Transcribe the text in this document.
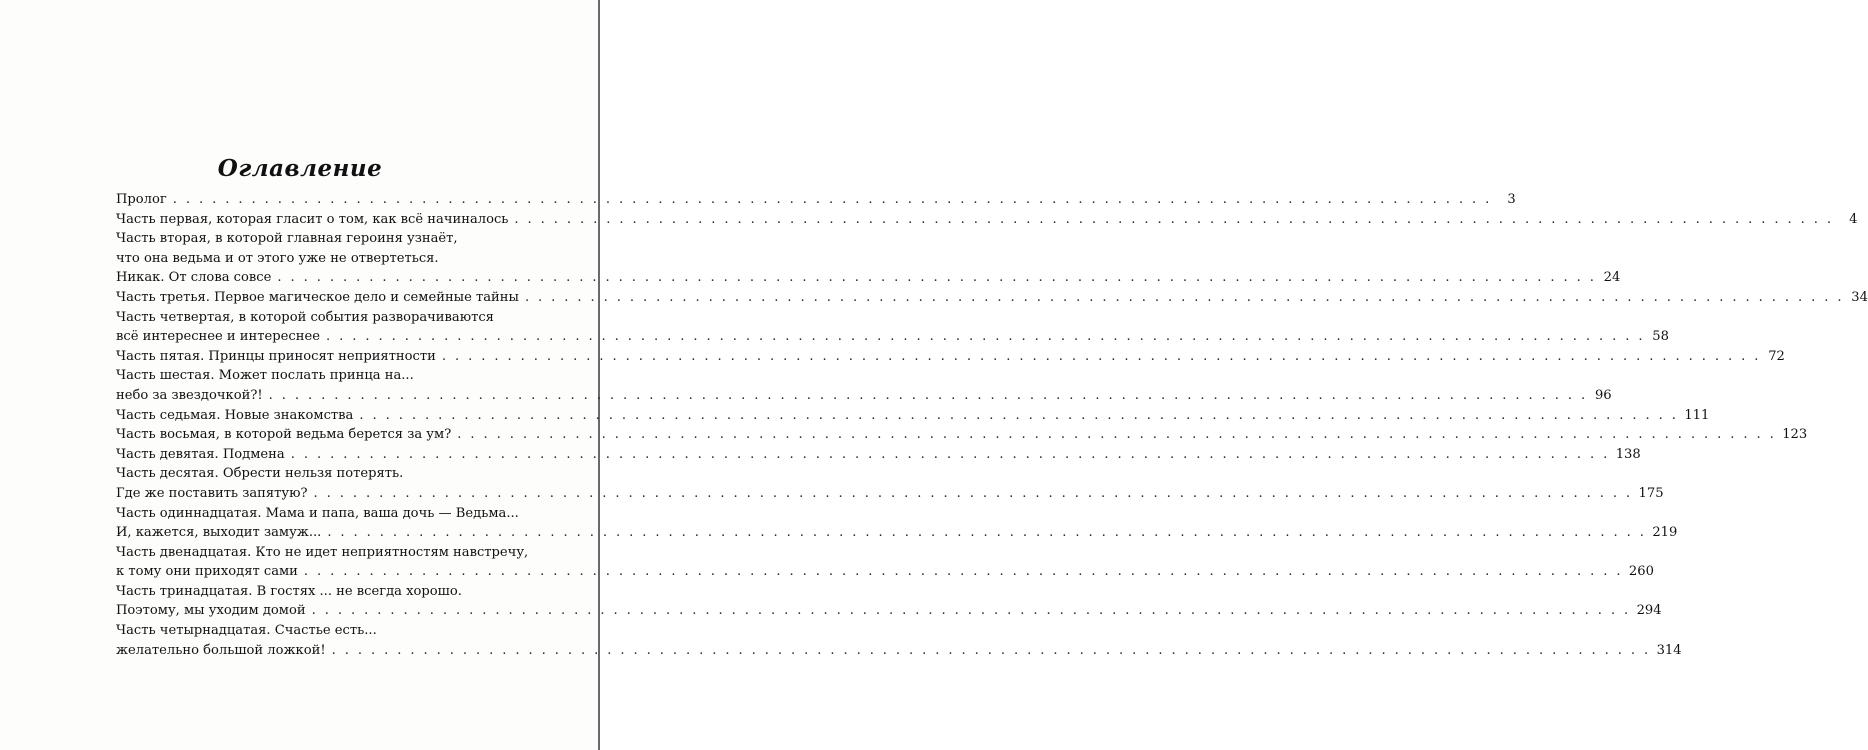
Оглавление
Пролог . . .	3
Часть первая, которая гласит о том, как всё начиналось . . .	4
Часть вторая, в которой главная героиня узнаёт,
что она ведьма и от этого уже не отвертеться.
Никак. От слова совсе . . .	24
Часть третья. Первое магическое дело и семейные тайны . . .	34
Часть четвертая, в которой события разворачиваются
всё интереснее и интереснее . . .	58
Часть пятая. Принцы приносят неприятности . . .	72
Часть шестая. Может послать принца на...
небо за звездочкой?! . . .	96
Часть седьмая. Новые знакомства . . .	111
Часть восьмая, в которой ведьма берется за ум? . . .	123
Часть девятая. Подмена . . .	138
Часть десятая. Обрести нельзя потерять.
Где же поставить запятую? . . .	175
Часть одиннадцатая. Мама и папа, ваша дочь — Ведьма...
И, кажется, выходит замуж... . . .	219
Часть двенадцатая. Кто не идет неприятностям навстречу,
к тому они приходят сами . . .	260
Часть тринадцатая. В гостях ... не всегда хорошо.
Поэтому, мы уходим домой . . .	294
Часть четырнадцатая. Счастье есть...
желательно большой ложкой! . . .	314
